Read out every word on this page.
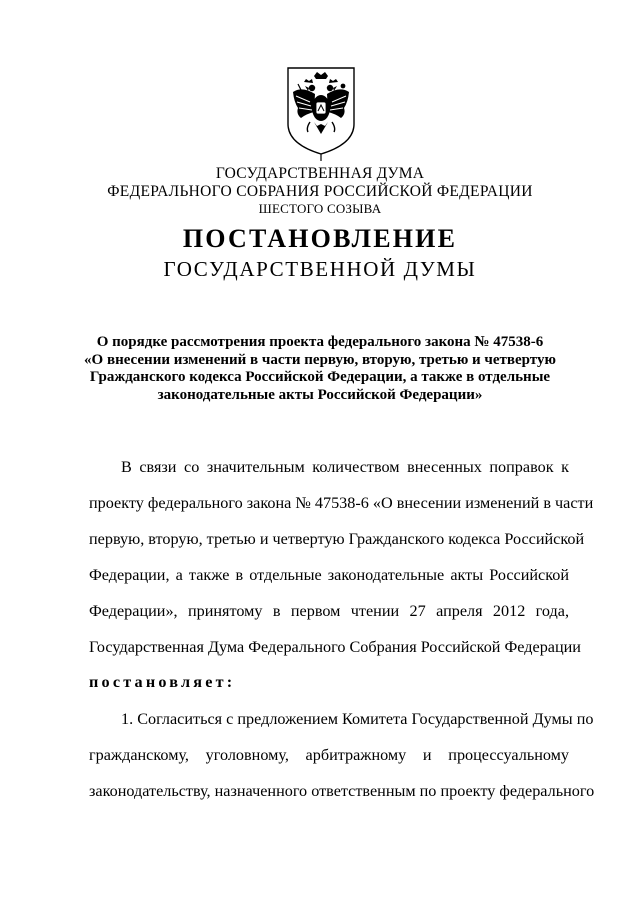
ГОСУДАРСТВЕННАЯ ДУМА
ФЕДЕРАЛЬНОГО СОБРАНИЯ РОССИЙСКОЙ ФЕДЕРАЦИИ
ШЕСТОГО СОЗЫВА
ПОСТАНОВЛЕНИЕ
ГОСУДАРСТВЕННОЙ ДУМЫ
О порядке рассмотрения проекта федерального закона № 47538-6
«О внесении изменений в части первую, вторую, третью и четвертую
Гражданского кодекса Российской Федерации, а также в отдельные
законодательные акты Российской Федерации»
В связи со значительным количеством внесенных поправок к
проекту федерального закона № 47538-6 «О внесении изменений в части
первую, вторую, третью и четвертую Гражданского кодекса Российской
Федерации, а также в отдельные законодательные акты Российской
Федерации», принятому в первом чтении 27 апреля 2012 года,
Государственная Дума Федерального Собрания Российской Федерации
постановляет:
1. Согласиться с предложением Комитета Государственной Думы по
гражданскому, уголовному, арбитражному и процессуальному
законодательству, назначенного ответственным по проекту федерального
